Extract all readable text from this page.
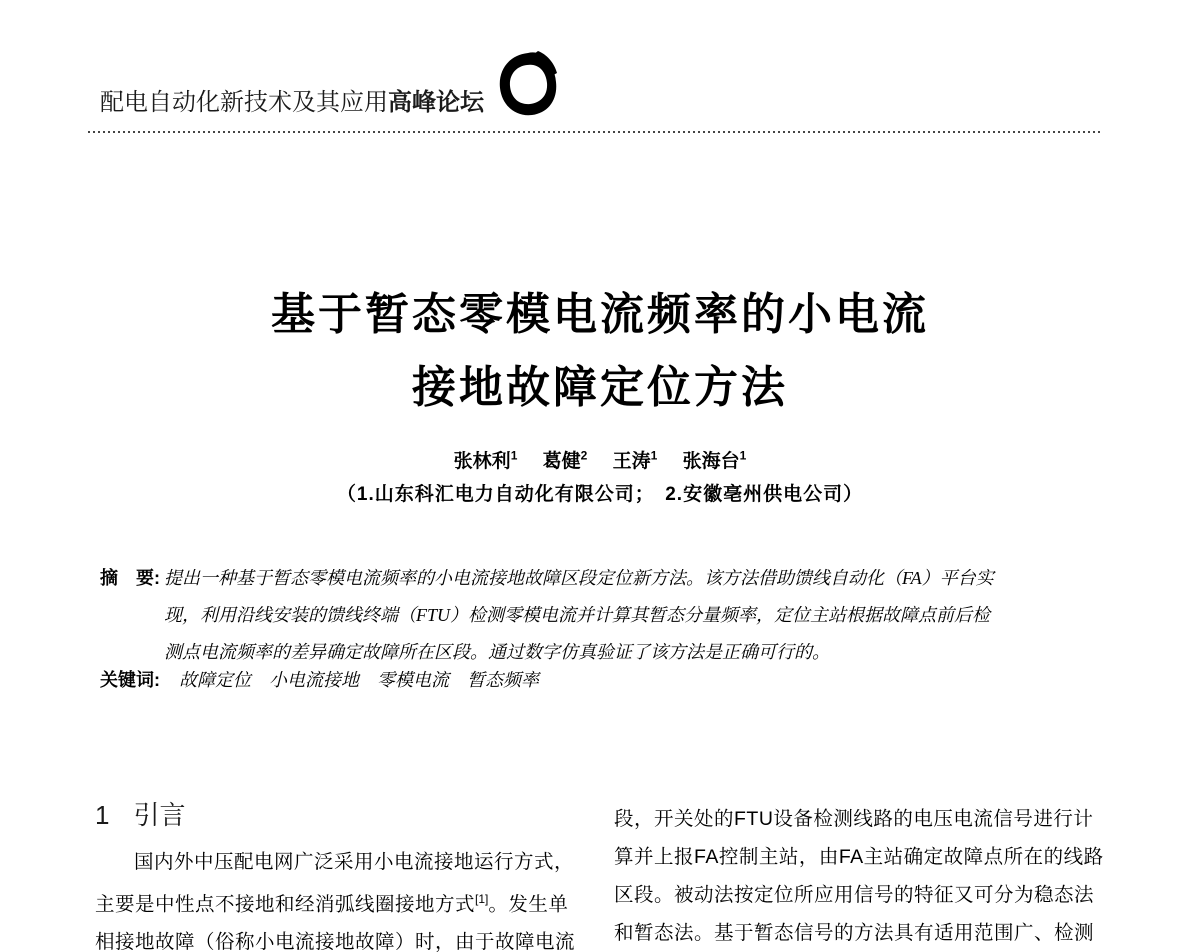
配电自动化新技术及其应用高峰论坛
基于暂态零模电流频率的小电流
接地故障定位方法
张林利$^1$ 葛健$^2$ 王涛$^1$ 张海台$^1$
（1.山东科汇电力自动化有限公司；　2.安徽亳州供电公司）
摘　要: 提出一种基于暂态零模电流频率的小电流接地故障区段定位新方法。该方法借助馈线自动化（FA）平台实
现，利用沿线安装的馈线终端（FTU）检测零模电流并计算其暂态分量频率，定位主站根据故障点前后检
测点电流频率的差异确定故障所在区段。通过数字仿真验证了该方法是正确可行的。
关键词: 故障定位　小电流接地　零模电流　暂态频率
1 引言
国内外中压配电网广泛采用小电流接地运行方式，
主要是中性点不接地和经消弧线圈接地方式[1]。发生单
相接地故障（俗称小电流接地故障）时，由于故障电流
段，开关处的FTU设备检测线路的电压电流信号进行计
算并上报FA控制主站，由FA主站确定故障点所在的线路
区段。被动法按定位所应用信号的特征又可分为稳态法
和暂态法。基于暂态信号的方法具有适用范围广、检测
